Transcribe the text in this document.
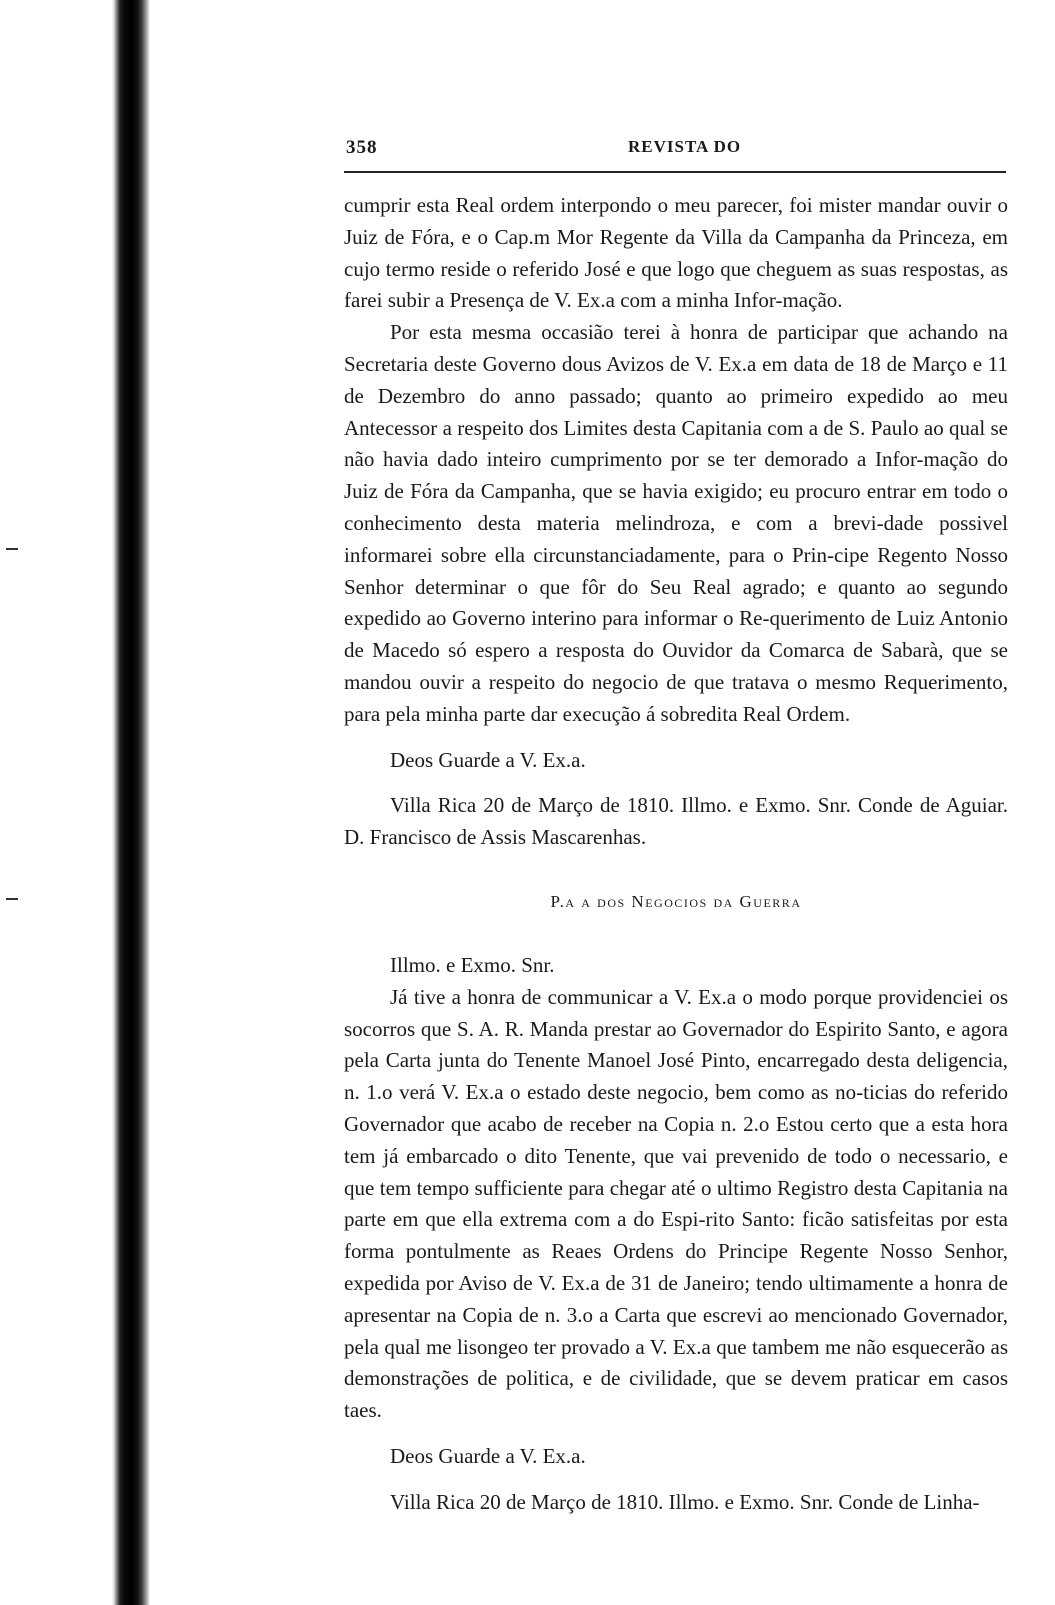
358	REVISTA DO

cumprir esta Real ordem interpondo o meu parecer, foi mister mandar ouvir o Juiz de Fóra, e o Cap.m Mor Regente da Villa da Campanha da Princeza, em cujo termo reside o referido José e que logo que cheguem as suas respostas, as farei subir a Presença de V. Ex.a com a minha Infor-mação.

Por esta mesma occasião terei à honra de participar que achando na Secretaria deste Governo dous Avizos de V. Ex.a em data de 18 de Março e 11 de Dezembro do anno passado; quanto ao primeiro expedido ao meu Antecessor a respeito dos Limites desta Capitania com a de S. Paulo ao qual se não havia dado inteiro cumprimento por se ter demorado a Infor-mação do Juiz de Fóra da Campanha, que se havia exigido; eu procuro entrar em todo o conhecimento desta materia melindroza, e com a brevi-dade possivel informarei sobre ella circunstanciadamente, para o Prin-cipe Regento Nosso Senhor determinar o que fôr do Seu Real agrado; e quanto ao segundo expedido ao Governo interino para informar o Re-querimento de Luiz Antonio de Macedo só espero a resposta do Ouvidor da Comarca de Sabarà, que se mandou ouvir a respeito do negocio de que tratava o mesmo Requerimento, para pela minha parte dar execução á sobredita Real Ordem.

Deos Guarde a V. Ex.a.

Villa Rica 20 de Março de 1810. Illmo. e Exmo. Snr. Conde de Aguiar. D. Francisco de Assis Mascarenhas.

P.a a dos Negocios da Guerra

Illmo. e Exmo. Snr.

Já tive a honra de communicar a V. Ex.a o modo porque providenciei os socorros que S. A. R. Manda prestar ao Governador do Espirito Santo, e agora pela Carta junta do Tenente Manoel José Pinto, encarregado desta deligencia, n. 1.o verá V. Ex.a o estado deste negocio, bem como as no-ticias do referido Governador que acabo de receber na Copia n. 2.o Estou certo que a esta hora tem já embarcado o dito Tenente, que vai prevenido de todo o necessario, e que tem tempo sufficiente para chegar até o ultimo Registro desta Capitania na parte em que ella extrema com a do Espi-rito Santo: ficão satisfeitas por esta forma pontulmente as Reaes Ordens do Principe Regente Nosso Senhor, expedida por Aviso de V. Ex.a de 31 de Janeiro; tendo ultimamente a honra de apresentar na Copia de n. 3.o a Carta que escrevi ao mencionado Governador, pela qual me lisongeo ter provado a V. Ex.a que tambem me não esquecerão as demonstrações de politica, e de civilidade, que se devem praticar em casos taes.

Deos Guarde a V. Ex.a.

Villa Rica 20 de Março de 1810. Illmo. e Exmo. Snr. Conde de Linha-
